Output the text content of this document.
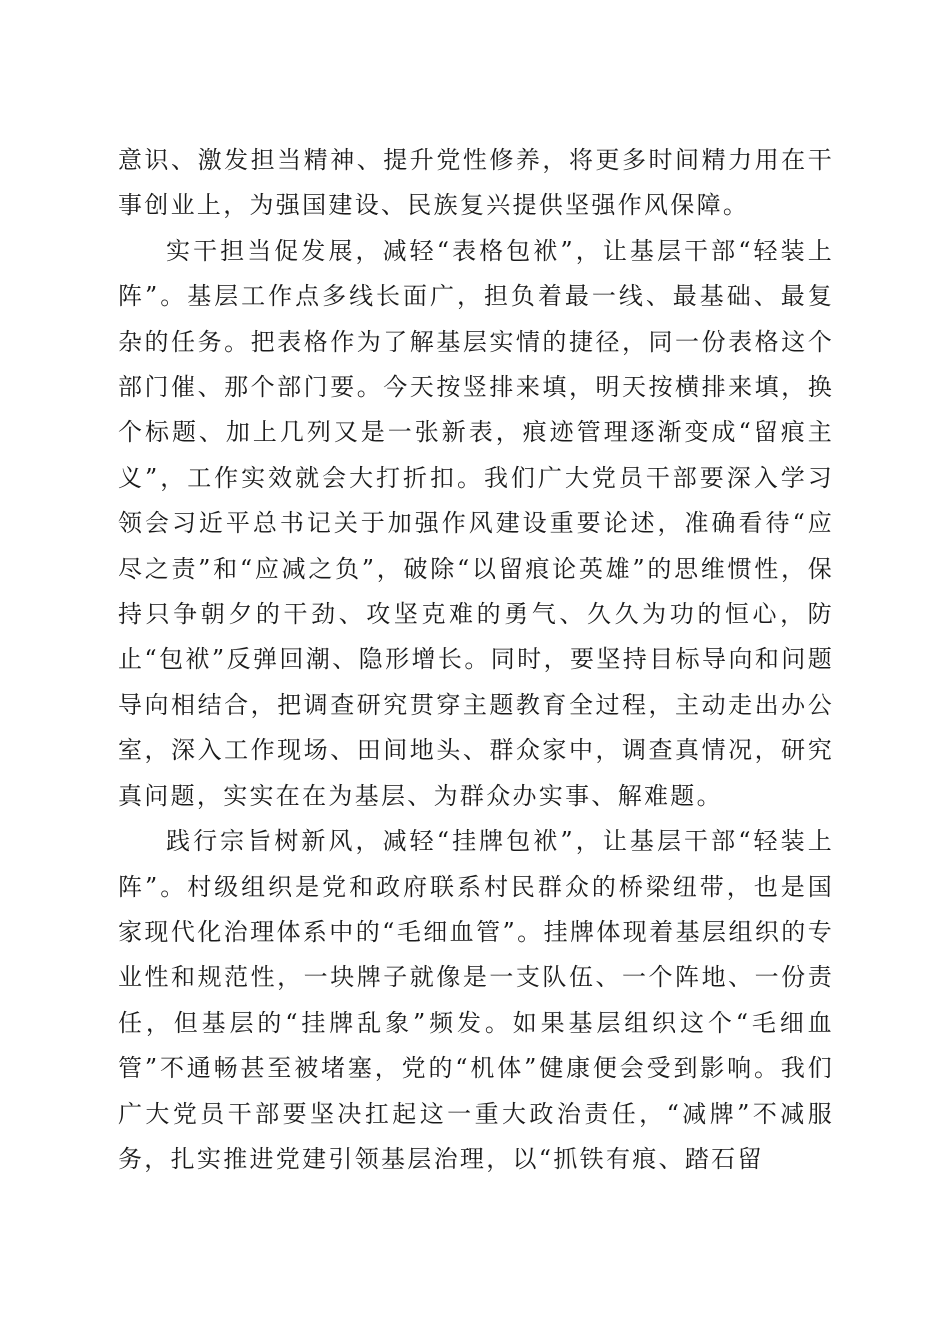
意识、激发担当精神、提升党性修养，将更多时间精力用在干事创业上，为强国建设、民族复兴提供坚强作风保障。

实干担当促发展，减轻“表格包袱”，让基层干部“轻装上阵”。基层工作点多线长面广，担负着最一线、最基础、最复杂的任务。把表格作为了解基层实情的捷径，同一份表格这个部门催、那个部门要。今天按竖排来填，明天按横排来填，换个标题、加上几列又是一张新表，痕迹管理逐渐变成“留痕主义”，工作实效就会大打折扣。我们广大党员干部要深入学习领会习近平总书记关于加强作风建设重要论述，准确看待“应尽之责”和“应减之负”，破除“以留痕论英雄”的思维惯性，保持只争朝夕的干劲、攻坚克难的勇气、久久为功的恒心，防止“包袱”反弹回潮、隐形增长。同时，要坚持目标导向和问题导向相结合，把调查研究贯穿主题教育全过程，主动走出办公室，深入工作现场、田间地头、群众家中，调查真情况，研究真问题，实实在在为基层、为群众办实事、解难题。

践行宗旨树新风，减轻“挂牌包袱”，让基层干部“轻装上阵”。村级组织是党和政府联系村民群众的桥梁纽带，也是国家现代化治理体系中的“毛细血管”。挂牌体现着基层组织的专业性和规范性，一块牌子就像是一支队伍、一个阵地、一份责任，但基层的“挂牌乱象”频发。如果基层组织这个“毛细血管”不通畅甚至被堵塞，党的“机体”健康便会受到影响。我们广大党员干部要坚决扛起这一重大政治责任，“减牌”不减服务，扎实推进党建引领基层治理，以“抓铁有痕、踏石留
